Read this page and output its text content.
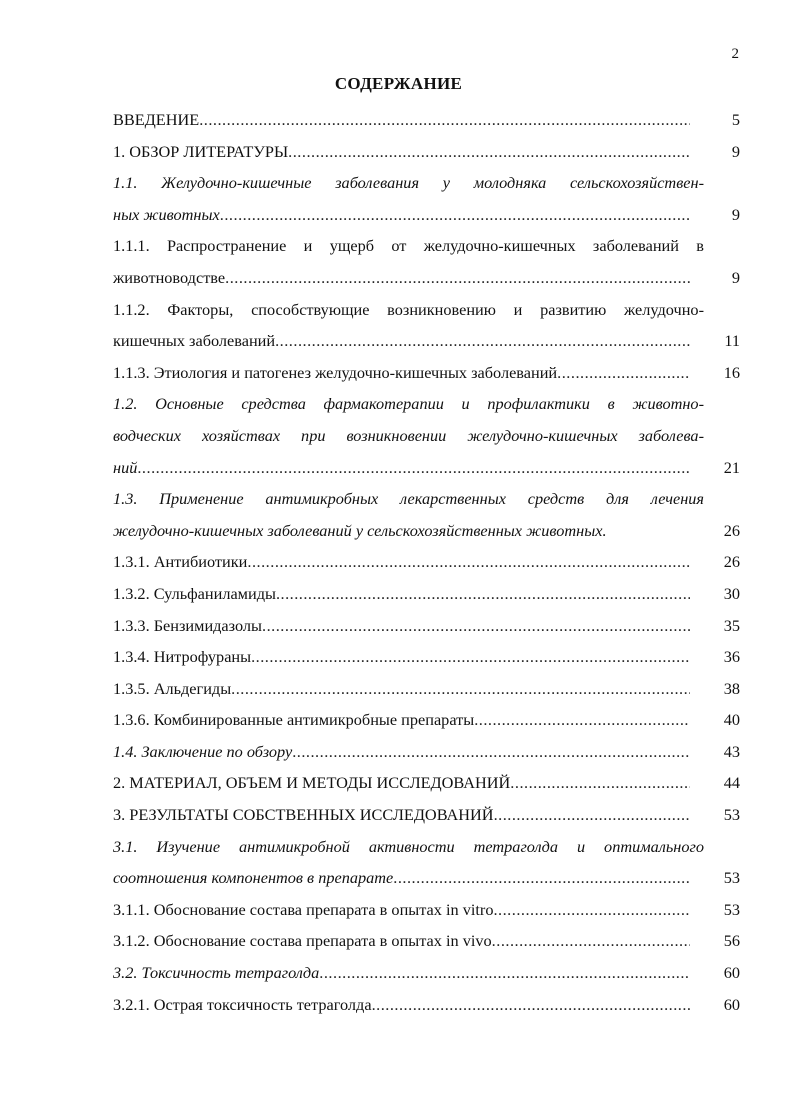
2
СОДЕРЖАНИЕ
ВВЕДЕНИЕ .....	5
1. ОБЗОР ЛИТЕРАТУРЫ .....	9
1.1. Желудочно-кишечные заболевания у молодняка сельскохозяйствен-
ных животных .....	9
1.1.1. Распространение и ущерб от желудочно-кишечных заболеваний в
животноводстве .....	9
1.1.2. Факторы, способствующие возникновению и развитию желудочно-
кишечных заболеваний .....	11
1.1.3. Этиология и патогенез желудочно-кишечных заболеваний .....	16
1.2. Основные средства фармакотерапии и профилактики в животно-
водческих хозяйствах при возникновении желудочно-кишечных заболева-
ний .....	21
1.3. Применение антимикробных лекарственных средств для лечения
желудочно-кишечных заболеваний у сельскохозяйственных животных.	26
1.3.1. Антибиотики .....	26
1.3.2. Сульфаниламиды .....	30
1.3.3. Бензимидазолы .....	35
1.3.4. Нитрофураны .....	36
1.3.5. Альдегиды .....	38
1.3.6. Комбинированные антимикробные препараты .....	40
1.4. Заключение по обзору .....	43
2. МАТЕРИАЛ, ОБЪЕМ И МЕТОДЫ ИССЛЕДОВАНИЙ .....	44
3. РЕЗУЛЬТАТЫ СОБСТВЕННЫХ ИССЛЕДОВАНИЙ .....	53
3.1. Изучение антимикробной активности тетраголда и оптимального
соотношения компонентов в препарате .....	53
3.1.1. Обоснование состава препарата в опытах in vitro .....	53
3.1.2. Обоснование состава препарата в опытах in vivo .....	56
3.2. Токсичность тетраголда .....	60
3.2.1. Острая токсичность тетраголда .....	60
